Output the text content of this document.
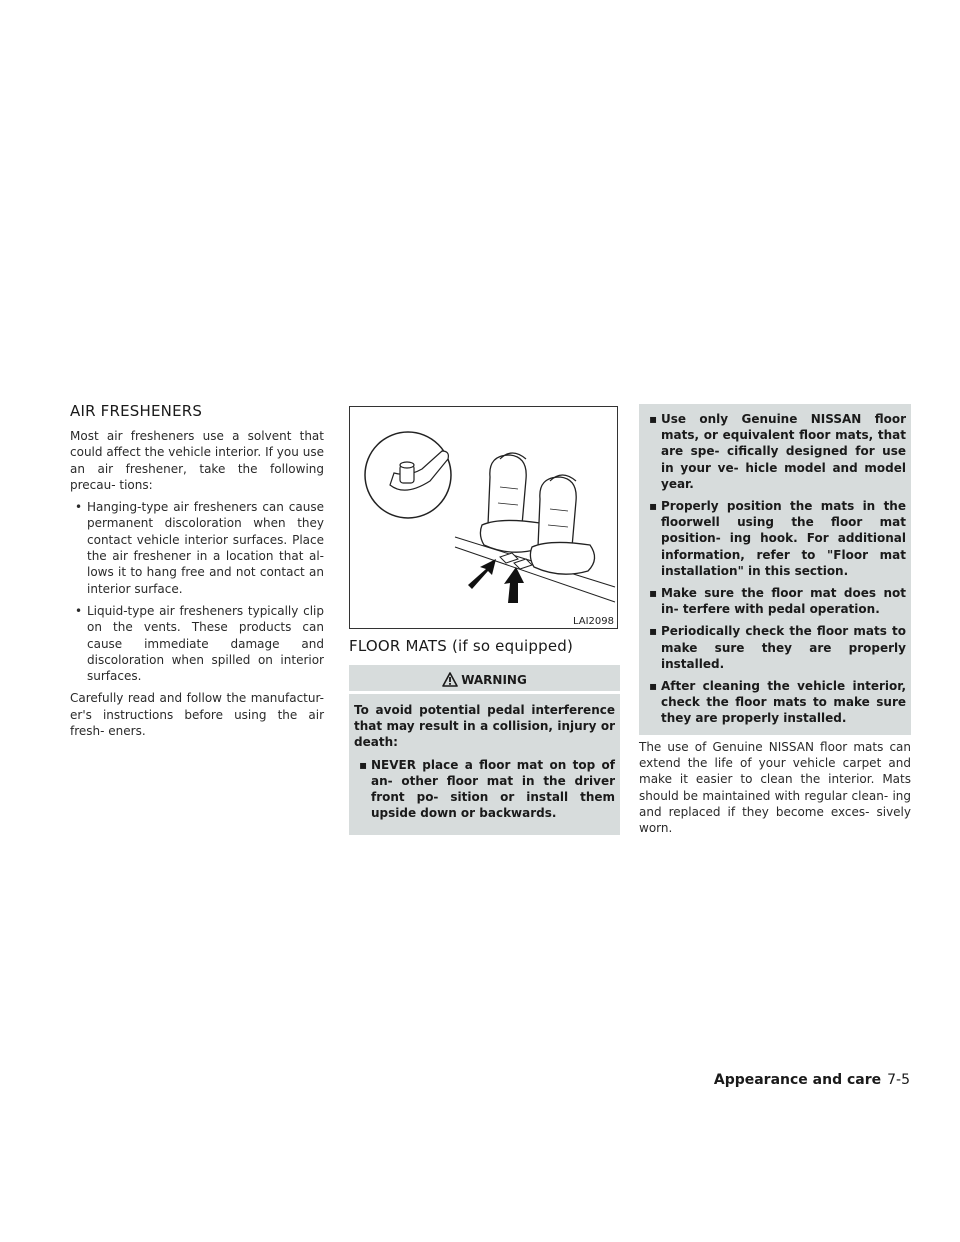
AIR FRESHENERS

Most air fresheners use a solvent that could affect the vehicle interior. If you use an air freshener, take the following precau- tions:

• Hanging-type air fresheners can cause permanent discoloration when they contact vehicle interior surfaces. Place the air freshener in a location that al- lows it to hang free and not contact an interior surface.
• Liquid-type air fresheners typically clip on the vents. These products can cause immediate damage and discoloration when spilled on interior surfaces.

Carefully read and follow the manufactur- er's instructions before using the air fresh- eners.

LAI2098
FLOOR MATS (if so equipped)
WARNING

To avoid potential pedal interference that may result in a collision, injury or death:

▪ NEVER place a floor mat on top of an- other floor mat in the driver front po- sition or install them upside down or backwards.
▪ Use only Genuine NISSAN floor mats, or equivalent floor mats, that are spe- cifically designed for use in your ve- hicle model and model year.
▪ Properly position the mats in the floorwell using the floor mat position- ing hook. For additional information, refer to "Floor mat installation" in this section.
▪ Make sure the floor mat does not in- terfere with pedal operation.
▪ Periodically check the floor mats to make sure they are properly installed.
▪ After cleaning the vehicle interior, check the floor mats to make sure they are properly installed.

The use of Genuine NISSAN floor mats can extend the life of your vehicle carpet and make it easier to clean the interior. Mats should be maintained with regular clean- ing and replaced if they become exces- sively worn.

Appearance and care 7-5
